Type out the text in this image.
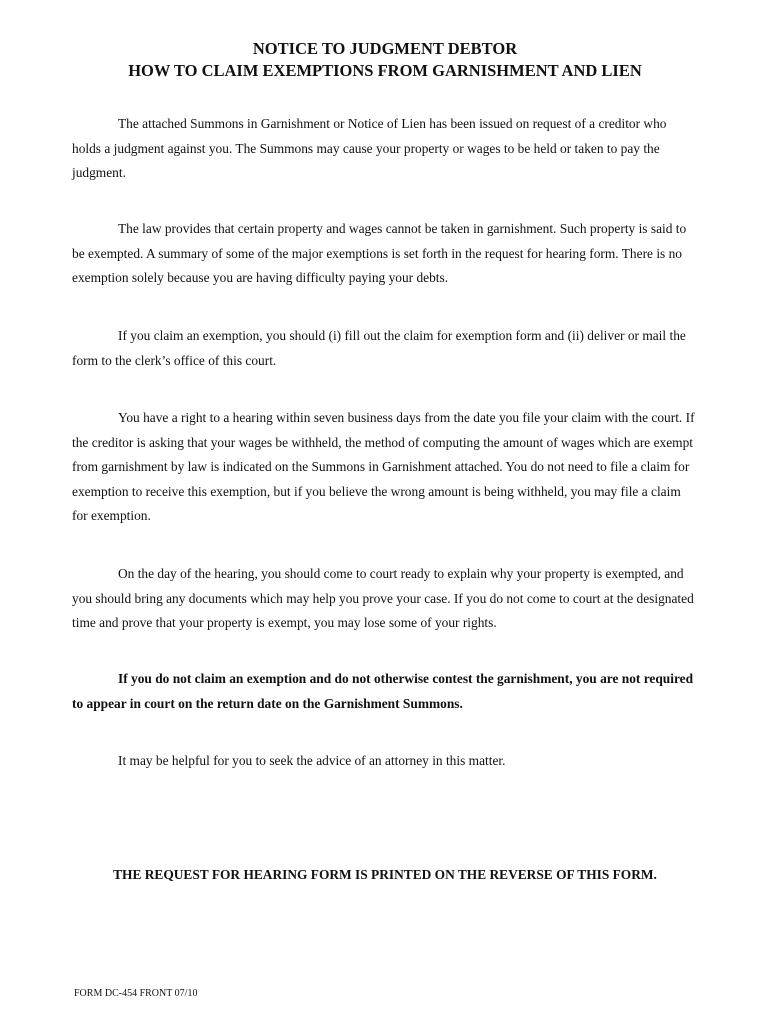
NOTICE TO JUDGMENT DEBTOR
HOW TO CLAIM EXEMPTIONS FROM GARNISHMENT AND LIEN

The attached Summons in Garnishment or Notice of Lien has been issued on request of a creditor who holds a judgment against you. The Summons may cause your property or wages to be held or taken to pay the judgment.

The law provides that certain property and wages cannot be taken in garnishment. Such property is said to be exempted. A summary of some of the major exemptions is set forth in the request for hearing form. There is no exemption solely because you are having difficulty paying your debts.

If you claim an exemption, you should (i) fill out the claim for exemption form and (ii) deliver or mail the form to the clerk’s office of this court.

You have a right to a hearing within seven business days from the date you file your claim with the court. If the creditor is asking that your wages be withheld, the method of computing the amount of wages which are exempt from garnishment by law is indicated on the Summons in Garnishment attached. You do not need to file a claim for exemption to receive this exemption, but if you believe the wrong amount is being withheld, you may file a claim for exemption.

On the day of the hearing, you should come to court ready to explain why your property is exempted, and you should bring any documents which may help you prove your case. If you do not come to court at the designated time and prove that your property is exempt, you may lose some of your rights.

If you do not claim an exemption and do not otherwise contest the garnishment, you are not required to appear in court on the return date on the Garnishment Summons.

It may be helpful for you to seek the advice of an attorney in this matter.

THE REQUEST FOR HEARING FORM IS PRINTED ON THE REVERSE OF THIS FORM.
FORM DC-454 FRONT 07/10
